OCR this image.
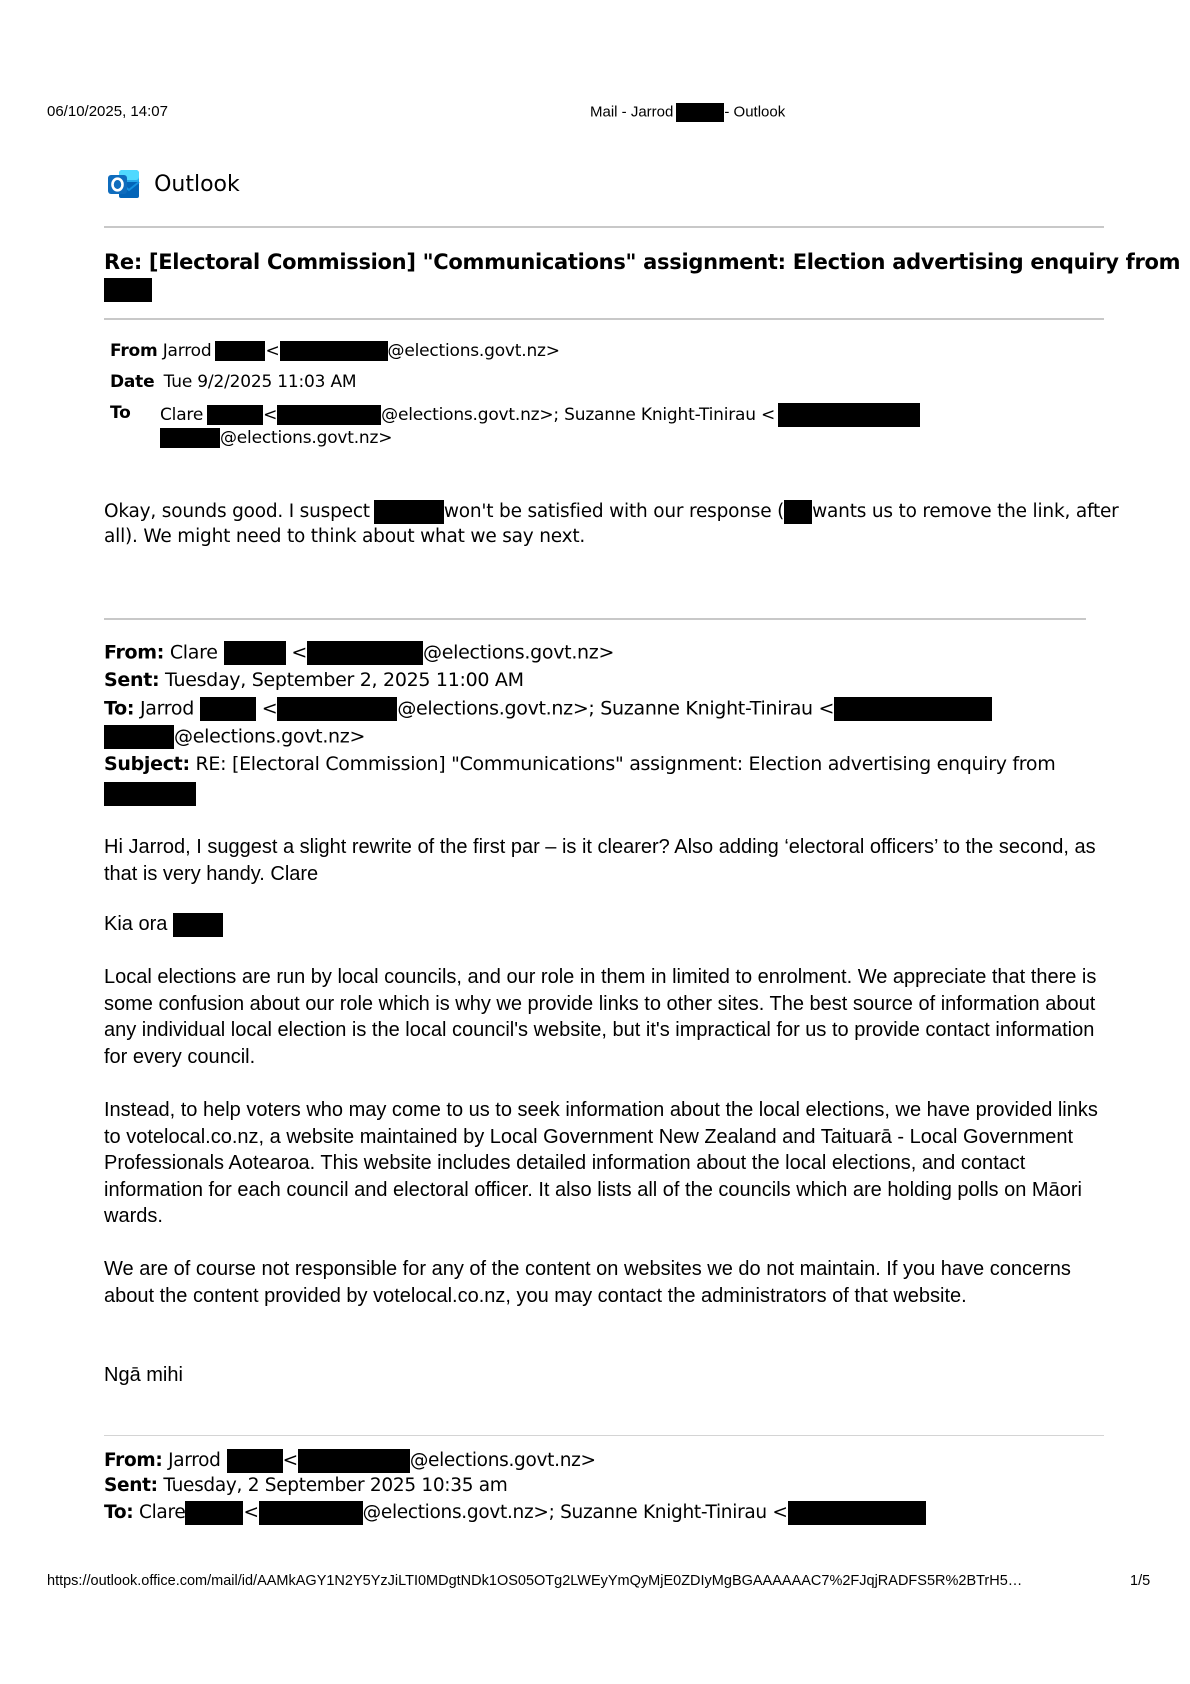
06/10/2025, 14:07	Mail - Jarrod	- Outlook
Outlook
Re: [Electoral Commission] "Communications" assignment: Election advertising enquiry from
From Jarrod	<	@elections.govt.nz>
Date Tue 9/2/2025 11:03 AM
To Clare	<	@elections.govt.nz>; Suzanne Knight-Tinirau <
@elections.govt.nz>
Okay, sounds good. I suspect	won't be satisfied with our response ( wants us to remove the link, after
all). We might need to think about what we say next.
From: Clare	<	@elections.govt.nz>
Sent: Tuesday, September 2, 2025 11:00 AM
To: Jarrod	<	@elections.govt.nz>; Suzanne Knight-Tinirau <
@elections.govt.nz>
Subject: RE: [Electoral Commission] "Communications" assignment: Election advertising enquiry from
Hi Jarrod, I suggest a slight rewrite of the first par – is it clearer? Also adding ‘electoral officers’ to the second, as that is very handy. Clare
Kia ora
Local elections are run by local councils, and our role in them in limited to enrolment. We appreciate that there is some confusion about our role which is why we provide links to other sites. The best source of information about any individual local election is the local council's website, but it's impractical for us to provide contact information for every council.
Instead, to help voters who may come to us to seek information about the local elections, we have provided links to votelocal.co.nz, a website maintained by Local Government New Zealand and Taituarā - Local Government Professionals Aotearoa. This website includes detailed information about the local elections, and contact information for each council and electoral officer. It also lists all of the councils which are holding polls on Māori wards.
We are of course not responsible for any of the content on websites we do not maintain. If you have concerns about the content provided by votelocal.co.nz, you may contact the administrators of that website.
Ngā mihi
From: Jarrod	<	@elections.govt.nz>
Sent: Tuesday, 2 September 2025 10:35 am
To: Clare	<	@elections.govt.nz>; Suzanne Knight-Tinirau <
https://outlook.office.com/mail/id/AAMkAGY1N2Y5YzJiLTI0MDgtNDk1OS05OTg2LWEyYmQyMjE0ZDIyMgBGAAAAAAC7%2FJqjRADFS5R%2BTrH5…	1/5
